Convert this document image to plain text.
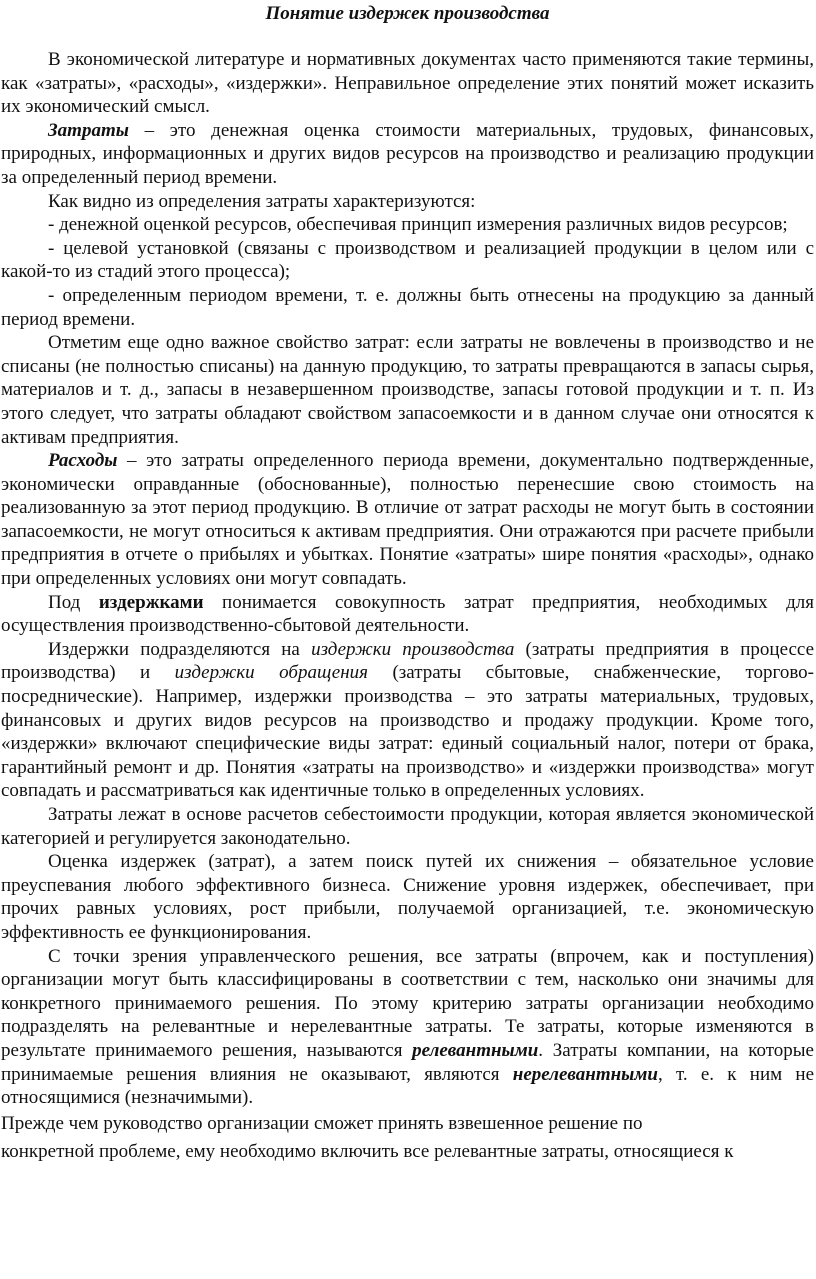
Понятие издержек производства

В экономической литературе и нормативных документах часто применяются такие термины, как «затраты», «расходы», «издержки». Неправильное определение этих понятий может исказить их экономический смысл.

Затраты – это денежная оценка стоимости материальных, трудовых, финансовых, природных, информационных и других видов ресурсов на производство и реализацию продукции за определенный период времени.

Как видно из определения затраты характеризуются:

- денежной оценкой ресурсов, обеспечивая принцип измерения различных видов ресурсов;

- целевой установкой (связаны с производством и реализацией продукции в целом или с какой-то из стадий этого процесса);

- определенным периодом времени, т. е. должны быть отнесены на продукцию за данный период времени.

Отметим еще одно важное свойство затрат: если затраты не вовлечены в производство и не списаны (не полностью списаны) на данную продукцию, то затраты превращаются в запасы сырья, материалов и т. д., запасы в незавершенном производстве, запасы готовой продукции и т. п. Из этого следует, что затраты обладают свойством запасоемкости и в данном случае они относятся к активам предприятия.

Расходы – это затраты определенного периода времени, документально подтвержденные, экономически оправданные (обоснованные), полностью перенесшие свою стоимость на реализованную за этот период продукцию. В отличие от затрат расходы не могут быть в состоянии запасоемкости, не могут относиться к активам предприятия. Они отражаются при расчете прибыли предприятия в отчете о прибылях и убытках. Понятие «затраты» шире понятия «расходы», однако при определенных условиях они могут совпадать.

Под издержками понимается совокупность затрат предприятия, необходимых для осуществления производственно-сбытовой деятельности.

Издержки подразделяются на издержки производства (затраты предприятия в процессе производства) и издержки обращения (затраты сбытовые, снабженческие, торгово-посреднические). Например, издержки производства – это затраты материальных, трудовых, финансовых и других видов ресурсов на производство и продажу продукции. Кроме того, «издержки» включают специфические виды затрат: единый социальный налог, потери от брака, гарантийный ремонт и др. Понятия «затраты на производство» и «издержки производства» могут совпадать и рассматриваться как идентичные только в определенных условиях.

Затраты лежат в основе расчетов себестоимости продукции, которая является экономической категорией и регулируется законодательно.

Оценка издержек (затрат), а затем поиск путей их снижения – обязательное условие преуспевания любого эффективного бизнеса. Снижение уровня издержек, обеспечивает, при прочих равных условиях, рост прибыли, получаемой организацией, т.е. экономическую эффективность ее функционирования.

С точки зрения управленческого решения, все затраты (впрочем, как и поступления) организации могут быть классифицированы в соответствии с тем, насколько они значимы для конкретного принимаемого решения. По этому критерию затраты организации необходимо подразделять на релевантные и нерелевантные затраты. Те затраты, которые изменяются в результате принимаемого решения, называются релевантными. Затраты компании, на которые принимаемые решения влияния не оказывают, являются нерелевантными, т. е. к ним не относящимися (незначимыми).

Прежде чем руководство организации сможет принять взвешенное решение по

конкретной проблеме, ему необходимо включить все релевантные затраты, относящиеся к
